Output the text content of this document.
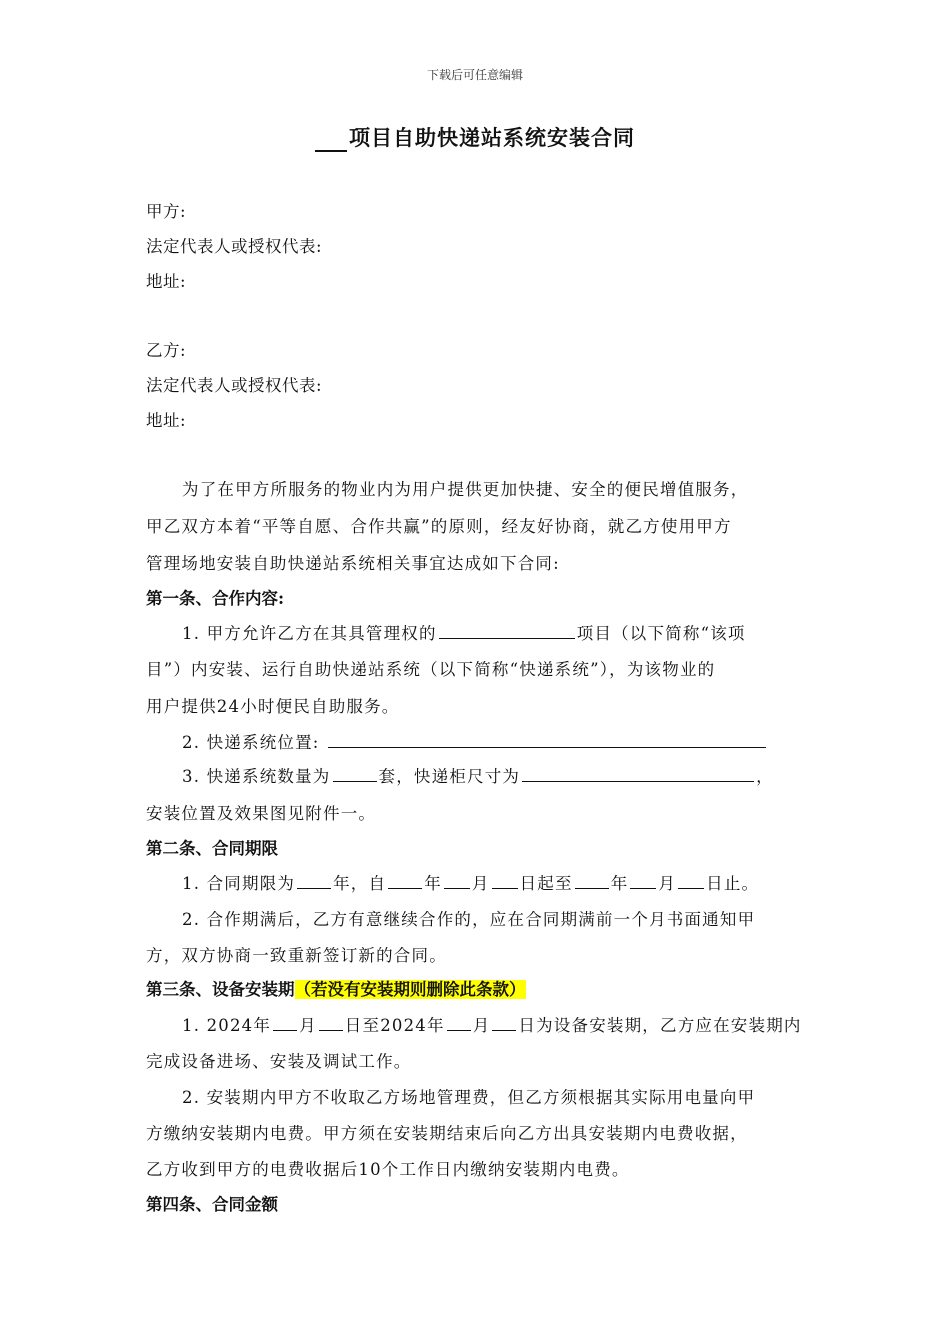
下载后可任意编辑
项目自助快递站系统安装合同
甲方:
法定代表人或授权代表:
地址:
乙方:
法定代表人或授权代表:
地址:
为了在甲方所服务的物业内为用户提供更加快捷、安全的便民增值服务，
甲乙双方本着“平等自愿、合作共赢”的原则，经友好协商，就乙方使用甲方
管理场地安装自助快递站系统相关事宜达成如下合同:
第一条、合作内容:
1. 甲方允许乙方在其具管理权的	项目（以下简称“该项
目”）内安装、运行自助快递站系统（以下简称“快递系统”），为该物业的
用户提供24小时便民自助服务。
2. 快递系统位置:
3. 快递系统数量为	套，快递柜尺寸为	，
安装位置及效果图见附件一。
第二条、合同期限
1. 合同期限为 年，自 年 月 日起至 年 月 日止。
2. 合作期满后，乙方有意继续合作的，应在合同期满前一个月书面通知甲
方，双方协商一致重新签订新的合同。
第三条、设备安装期（若没有安装期则删除此条款）
1. 2024年 月 日至2024年 月 日为设备安装期，乙方应在安装期内
完成设备进场、安装及调试工作。
2. 安装期内甲方不收取乙方场地管理费，但乙方须根据其实际用电量向甲
方缴纳安装期内电费。甲方须在安装期结束后向乙方出具安装期内电费收据，
乙方收到甲方的电费收据后10个工作日内缴纳安装期内电费。
第四条、合同金额
